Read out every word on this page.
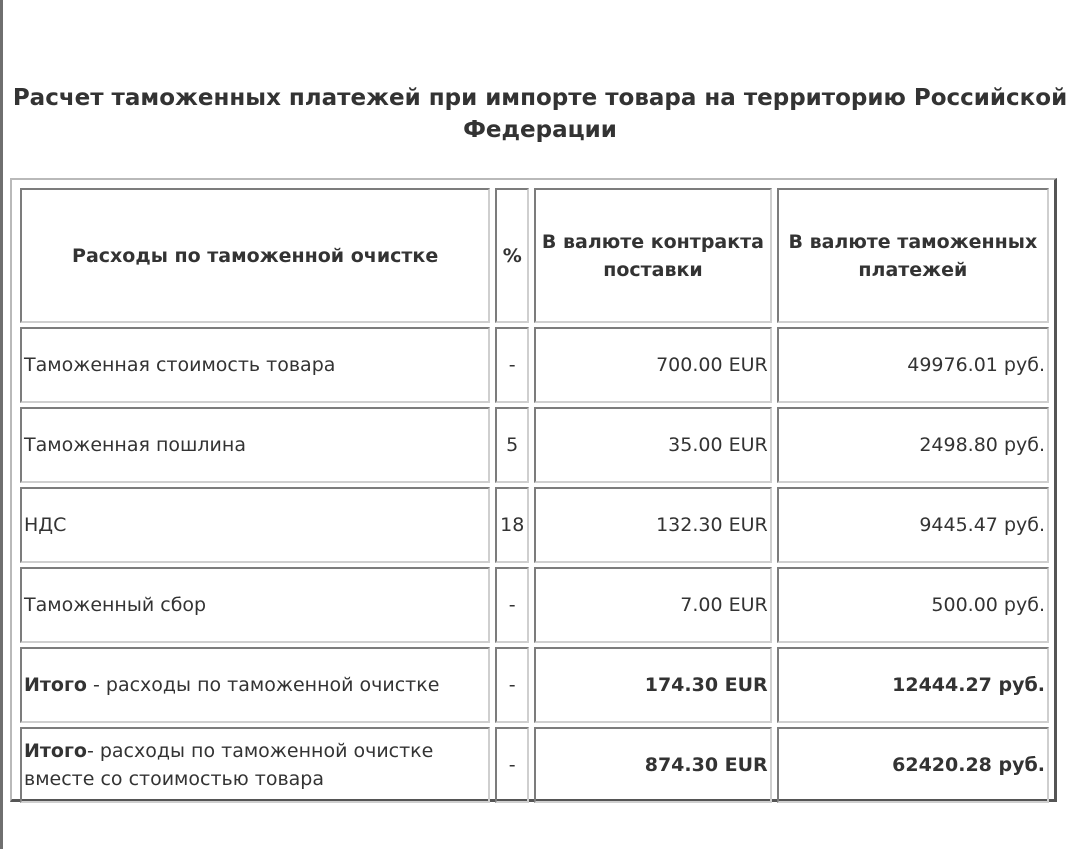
Расчет таможенных платежей при импорте товара на территорию Российской Федерации
Расходы по таможенной очистке	%	В валюте контракта поставки	В валюте таможенных платежей
Таможенная стоимость товара	-	700.00 EUR	49976.01 руб.
Таможенная пошлина	5	35.00 EUR	2498.80 руб.
НДС	18	132.30 EUR	9445.47 руб.
Таможенный сбор	-	7.00 EUR	500.00 руб.
Итого - расходы по таможенной очистке	-	174.30 EUR	12444.27 руб.
Итого- расходы по таможенной очистке вместе со стоимостью товара	-	874.30 EUR	62420.28 руб.
